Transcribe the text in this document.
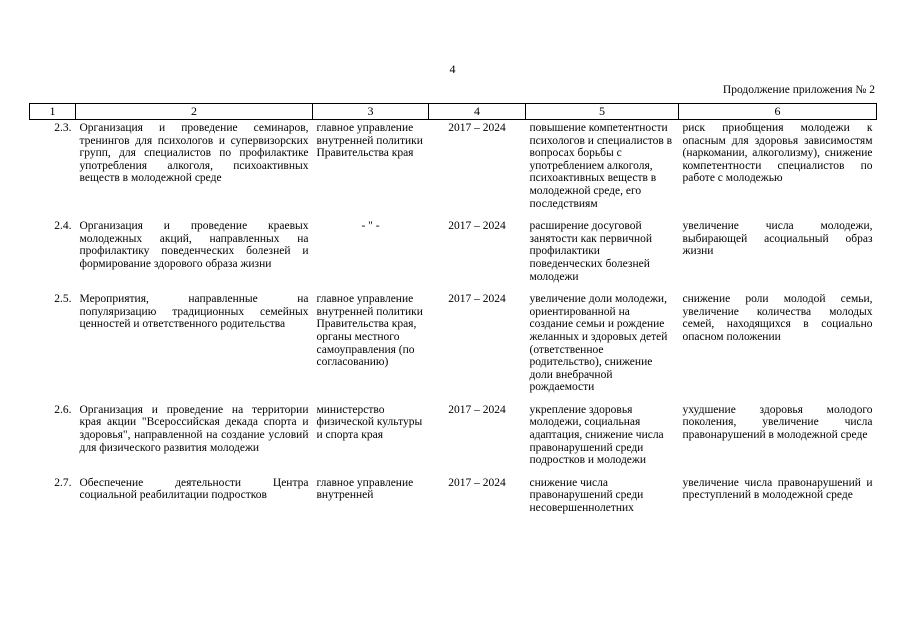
4
Продолжение приложения № 2
1	2	3	4	5	6
2.3.	Организация и проведение семинаров, тренингов для психологов и супервизорских групп, для специалистов по профилактике употребления алкоголя, психоактивных веществ в молодежной среде	главное управление внутренней политики Правительства края	2017 – 2024	повышение компетентности психологов и специалистов в вопросах борьбы с употреблением алкоголя, психоактивных веществ в молодежной среде, его последствиям	риск приобщения молодежи к опасным для здоровья зависимостям (наркомании, алкоголизму), снижение компетентности специалистов по работе с молодежью
2.4.	Организация и проведение краевых молодежных акций, направленных на профилактику поведенческих болезней и формирование здорового образа жизни	- " -	2017 – 2024	расширение досуговой занятости как первичной профилактики поведенческих болезней молодежи	увеличение числа молодежи, выбирающей асоциальный образ жизни
2.5.	Мероприятия, направленные на популяризацию традиционных семейных ценностей и ответственного родительства	главное управление внутренней политики Правительства края, органы местного самоуправления (по согласованию)	2017 – 2024	увеличение доли молодежи, ориентированной на создание семьи и рождение желанных и здоровых детей (ответственное родительство), снижение доли внебрачной рождаемости	снижение роли молодой семьи, увеличение количества молодых семей, находящихся в социально опасном положении
2.6.	Организация и проведение на территории края акции "Всероссийская декада спорта и здоровья", направленной на создание условий для физического развития молодежи	министерство физической культуры и спорта края	2017 – 2024	укрепление здоровья молодежи, социальная адаптация, снижение числа правонарушений среди подростков и молодежи	ухудшение здоровья молодого поколения, увеличение числа правонарушений в молодежной среде
2.7.	Обеспечение деятельности Центра социальной реабилитации подростков	главное управление внутренней	2017 – 2024	снижение числа правонарушений среди несовершеннолетних	увеличение числа правонарушений и преступлений в молодежной среде
